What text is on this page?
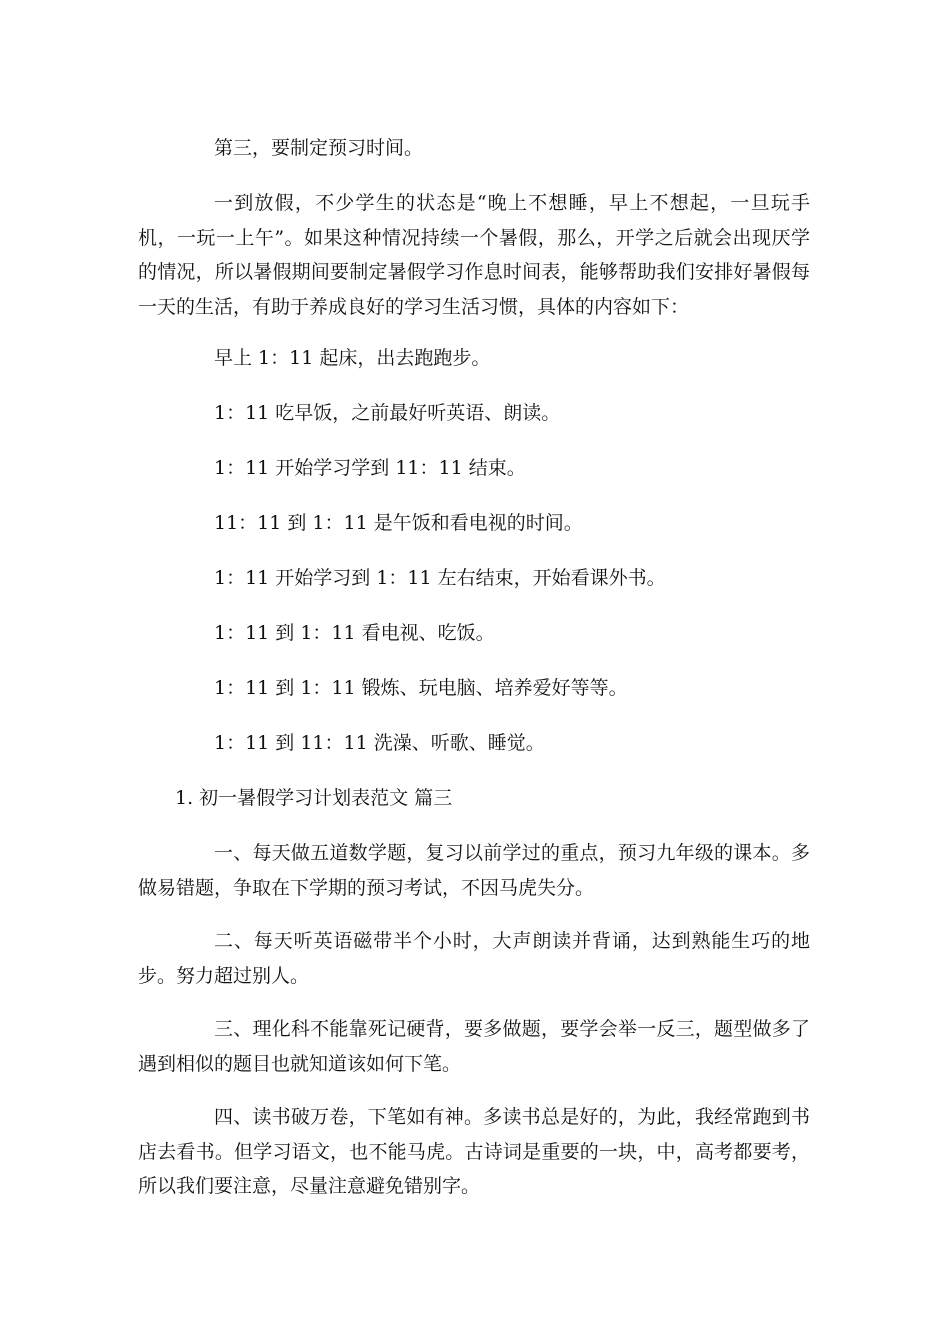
第三，要制定预习时间。

一到放假，不少学生的状态是“晚上不想睡，早上不想起，一旦玩手机，一玩一上午”。如果这种情况持续一个暑假，那么，开学之后就会出现厌学的情况，所以暑假期间要制定暑假学习作息时间表，能够帮助我们安排好暑假每一天的生活，有助于养成良好的学习生活习惯，具体的内容如下：

早上 1：11 起床，出去跑跑步。

1：11 吃早饭，之前最好听英语、朗读。

1：11 开始学习学到 11：11 结束。

11：11 到 1：11 是午饭和看电视的时间。

1：11 开始学习到 1：11 左右结束，开始看课外书。

1：11 到 1：11 看电视、吃饭。

1：11 到 1：11 锻炼、玩电脑、培养爱好等等。

1：11 到 11：11 洗澡、听歌、睡觉。

1. 初一暑假学习计划表范文 篇三

一、每天做五道数学题，复习以前学过的重点，预习九年级的课本。多做易错题，争取在下学期的预习考试，不因马虎失分。

二、每天听英语磁带半个小时，大声朗读并背诵，达到熟能生巧的地步。努力超过别人。

三、理化科不能靠死记硬背，要多做题，要学会举一反三，题型做多了遇到相似的题目也就知道该如何下笔。

四、读书破万卷，下笔如有神。多读书总是好的，为此，我经常跑到书店去看书。但学习语文，也不能马虎。古诗词是重要的一块，中，高考都要考，所以我们要注意，尽量注意避免错别字。
